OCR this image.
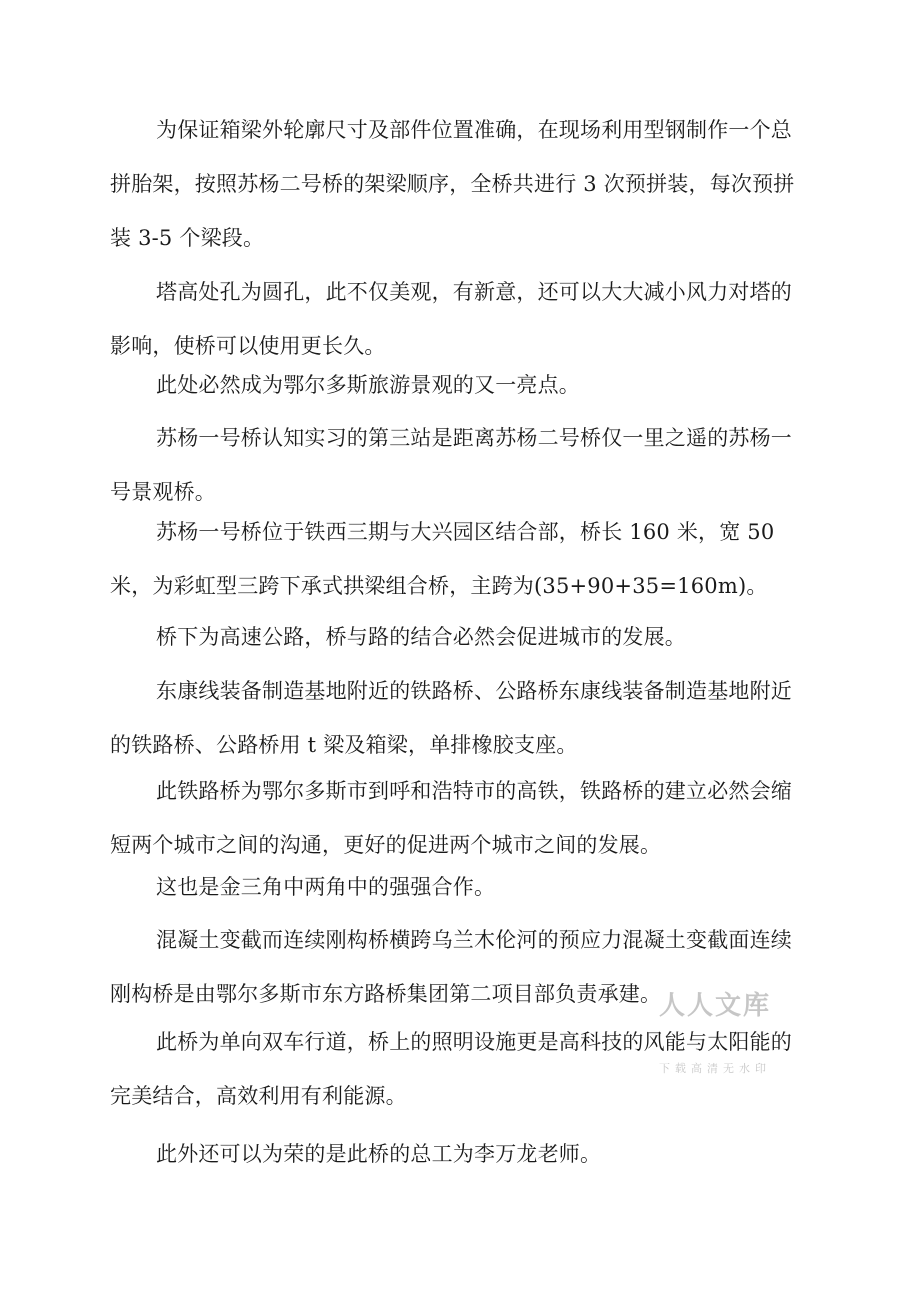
为保证箱梁外轮廓尺寸及部件位置准确，在现场利用型钢制作一个总拼胎架，按照苏杨二号桥的架梁顺序，全桥共进行 3 次预拼装，每次预拼装 3-5 个梁段。

塔高处孔为圆孔，此不仅美观，有新意，还可以大大减小风力对塔的影响，使桥可以使用更长久。

此处必然成为鄂尔多斯旅游景观的又一亮点。

苏杨一号桥认知实习的第三站是距离苏杨二号桥仅一里之遥的苏杨一号景观桥。

苏杨一号桥位于铁西三期与大兴园区结合部，桥长 160 米，宽 50 米，为彩虹型三跨下承式拱梁组合桥，主跨为(35+90+35=160m)。

桥下为高速公路，桥与路的结合必然会促进城市的发展。

东康线装备制造基地附近的铁路桥、公路桥东康线装备制造基地附近的铁路桥、公路桥用 t 梁及箱梁，单排橡胶支座。

此铁路桥为鄂尔多斯市到呼和浩特市的高铁，铁路桥的建立必然会缩短两个城市之间的沟通，更好的促进两个城市之间的发展。

这也是金三角中两角中的强强合作。

混凝土变截而连续刚构桥横跨乌兰木伦河的预应力混凝土变截面连续刚构桥是由鄂尔多斯市东方路桥集团第二项目部负责承建。

此桥为单向双车行道，桥上的照明设施更是高科技的风能与太阳能的完美结合，高效利用有利能源。

此外还可以为荣的是此桥的总工为李万龙老师。

人人文库
下载高清无水印
